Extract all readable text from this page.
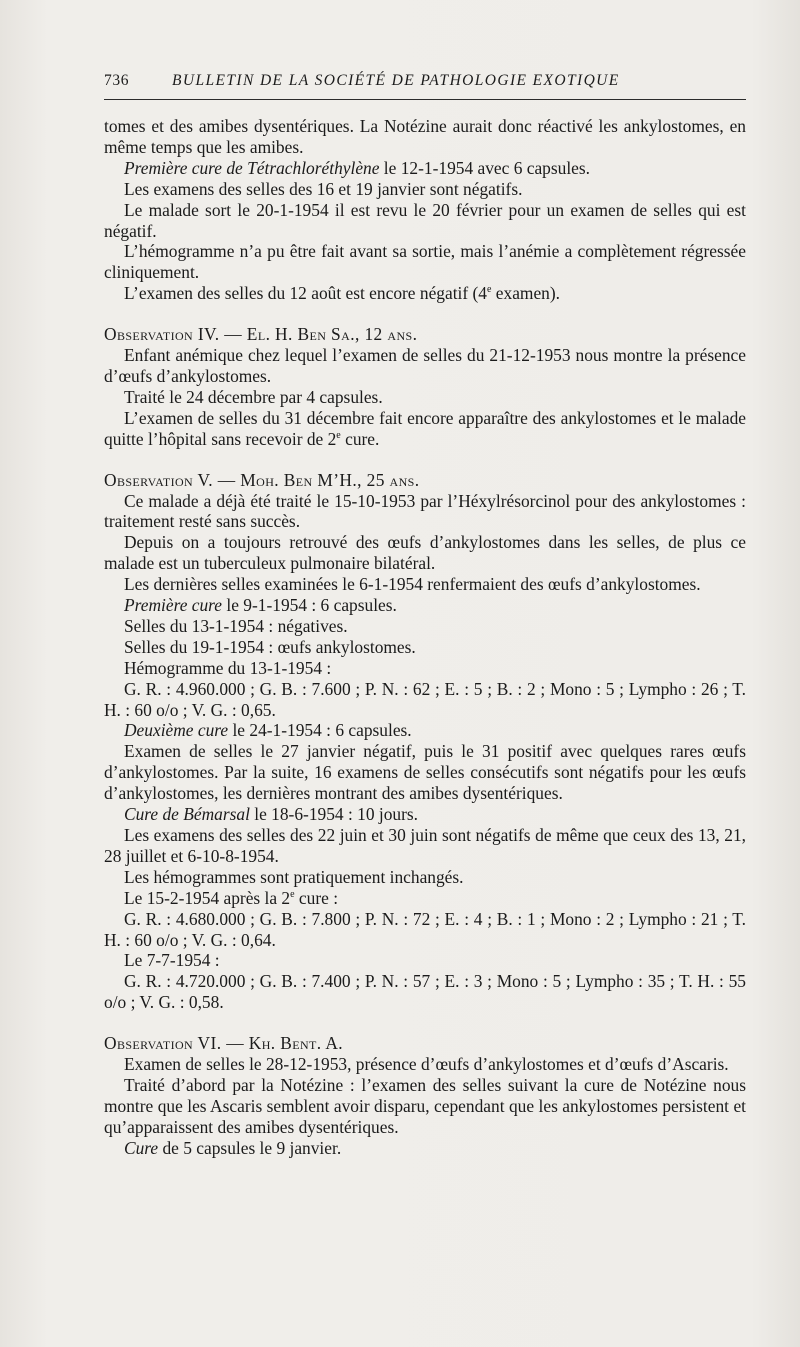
736	BULLETIN DE LA SOCIÉTÉ DE PATHOLOGIE EXOTIQUE

tomes et des amibes dysentériques. La Notézine aurait donc réactivé les ankylostomes, en même temps que les amibes.

Première cure de Tétrachloréthylène le 12-1-1954 avec 6 capsules.

Les examens des selles des 16 et 19 janvier sont négatifs.

Le malade sort le 20-1-1954 il est revu le 20 février pour un examen de selles qui est négatif.

L’hémogramme n’a pu être fait avant sa sortie, mais l’anémie a complètement régressée cliniquement.

L’examen des selles du 12 août est encore négatif (4e examen).

Observation IV. — El. H. Ben Sa., 12 ans.

Enfant anémique chez lequel l’examen de selles du 21-12-1953 nous montre la présence d’œufs d’ankylostomes.

Traité le 24 décembre par 4 capsules.

L’examen de selles du 31 décembre fait encore apparaître des ankylostomes et le malade quitte l’hôpital sans recevoir de 2e cure.

Observation V. — Moh. Ben M’H., 25 ans.

Ce malade a déjà été traité le 15-10-1953 par l’Héxylrésorcinol pour des ankylostomes : traitement resté sans succès.

Depuis on a toujours retrouvé des œufs d’ankylostomes dans les selles, de plus ce malade est un tuberculeux pulmonaire bilatéral.

Les dernières selles examinées le 6-1-1954 renfermaient des œufs d’ankylostomes.

Première cure le 9-1-1954 : 6 capsules.

Selles du 13-1-1954 : négatives.

Selles du 19-1-1954 : œufs ankylostomes.

Hémogramme du 13-1-1954 :

G. R. : 4.960.000 ; G. B. : 7.600 ; P. N. : 62 ; E. : 5 ; B. : 2 ; Mono : 5 ; Lympho : 26 ; T. H. : 60 o/o ; V. G. : 0,65.

Deuxième cure le 24-1-1954 : 6 capsules.

Examen de selles le 27 janvier négatif, puis le 31 positif avec quelques rares œufs d’ankylostomes. Par la suite, 16 examens de selles consécutifs sont négatifs pour les œufs d’ankylostomes, les dernières montrant des amibes dysentériques.

Cure de Bémarsal le 18-6-1954 : 10 jours.

Les examens des selles des 22 juin et 30 juin sont négatifs de même que ceux des 13, 21, 28 juillet et 6-10-8-1954.

Les hémogrammes sont pratiquement inchangés.

Le 15-2-1954 après la 2e cure :

G. R. : 4.680.000 ; G. B. : 7.800 ; P. N. : 72 ; E. : 4 ; B. : 1 ; Mono : 2 ; Lympho : 21 ; T. H. : 60 o/o ; V. G. : 0,64.

Le 7-7-1954 :

G. R. : 4.720.000 ; G. B. : 7.400 ; P. N. : 57 ; E. : 3 ; Mono : 5 ; Lympho : 35 ; T. H. : 55 o/o ; V. G. : 0,58.

Observation VI. — Kh. Bent. A.

Examen de selles le 28-12-1953, présence d’œufs d’ankylostomes et d’œufs d’Ascaris.

Traité d’abord par la Notézine : l’examen des selles suivant la cure de Notézine nous montre que les Ascaris semblent avoir disparu, cependant que les ankylostomes persistent et qu’apparaissent des amibes dysentériques.

Cure de 5 capsules le 9 janvier.
